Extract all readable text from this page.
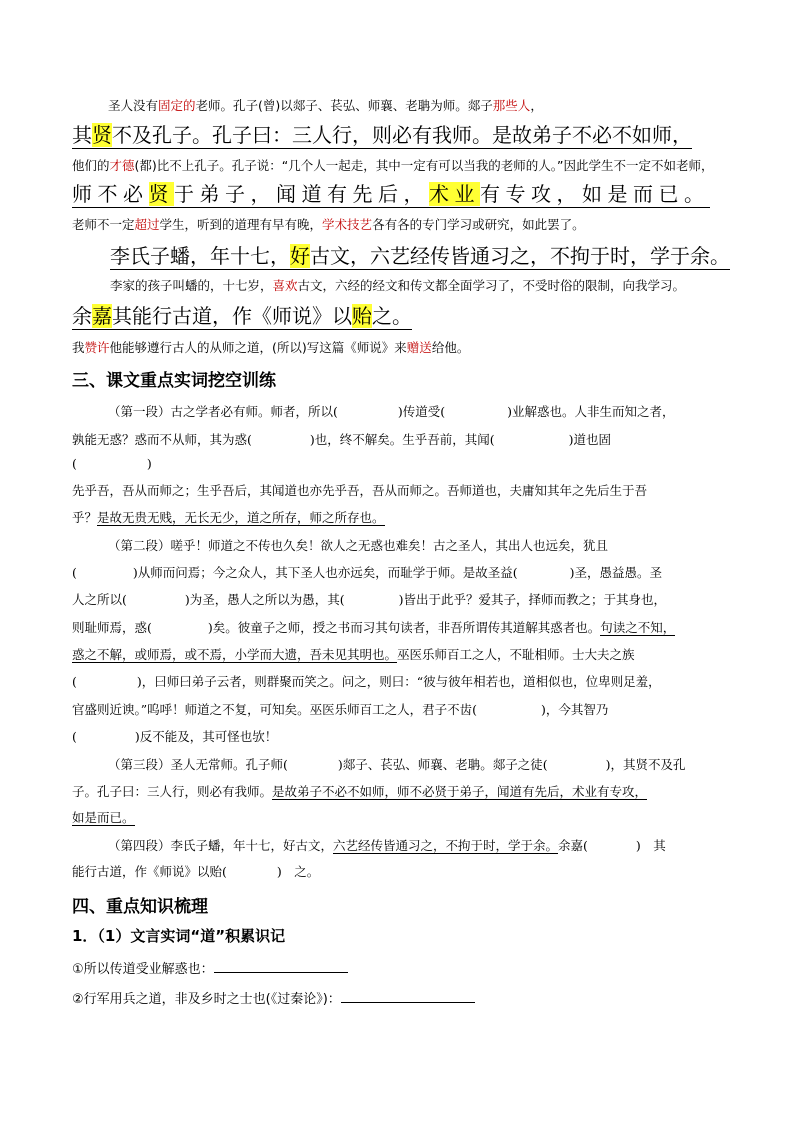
圣人没有固定的老师。孔子(曾)以郯子、苌弘、师襄、老聃为师。郯子那些人，
其贤不及孔子。孔子曰：三人行，则必有我师。是故弟子不必不如师，
他们的才德(都)比不上孔子。孔子说：“几个人一起走，其中一定有可以当我的老师的人。”因此学生不一定不如老师，
师不必贤于弟子，闻道有先后，术业有专攻，如是而已。
老师不一定超过学生，听到的道理有早有晚，学术技艺各有各的专门学习或研究，如此罢了。
李氏子蟠，年十七，好古文，六艺经传皆通习之，不拘于时，学于余。
李家的孩子叫蟠的，十七岁，喜欢古文，六经的经文和传文都全面学习了，不受时俗的限制，向我学习。
余嘉其能行古道，作《师说》以贻之。
我赞许他能够遵行古人的从师之道，(所以)写这篇《师说》来赠送给他。
三、课文重点实词挖空训练
（第一段）古之学者必有师。师者，所以(	)传道受(	)业解惑也。人非生而知之者，
孰能无惑？惑而不从师，其为惑(	)也，终不解矣。生乎吾前，其闻(	)道也固
(	)
先乎吾，吾从而师之；生乎吾后，其闻道也亦先乎吾，吾从而师之。吾师道也，夫庸知其年之先后生于吾
乎？是故无贵无贱，无长无少，道之所存，师之所存也。
（第二段）嗟乎！师道之不传也久矣！欲人之无惑也难矣！古之圣人，其出人也远矣，犹且
(	)从师而问焉；今之众人，其下圣人也亦远矣，而耻学于师。是故圣益(	)圣，愚益愚。圣
人之所以(	)为圣，愚人之所以为愚，其(	)皆出于此乎？爱其子，择师而教之；于其身也，
则耻师焉，惑(	)矣。彼童子之师，授之书而习其句读者，非吾所谓传其道解其惑者也。句读之不知，
惑之不解，或师焉，或不焉，小学而大遗，吾未见其明也。巫医乐师百工之人，不耻相师。士大夫之族
(	)，曰师曰弟子云者，则群聚而笑之。问之，则曰：“彼与彼年相若也，道相似也，位卑则足羞，
官盛则近谀。”呜呼！师道之不复，可知矣。巫医乐师百工之人，君子不齿(	)，今其智乃
(	)反不能及，其可怪也欤！
（第三段）圣人无常师。孔子师(	)郯子、苌弘、师襄、老聃。郯子之徒(	)，其贤不及孔
子。孔子曰：三人行，则必有我师。是故弟子不必不如师，师不必贤于弟子，闻道有先后，术业有专攻，
如是而已。
（第四段）李氏子蟠，年十七，好古文，六艺经传皆通习之，不拘于时，学于余。余嘉(	)　其
能行古道，作《师说》以贻(	)　之。
四、重点知识梳理
1．（1）文言实词“道”积累识记
①所以传道受业解惑也：
②行军用兵之道，非及乡时之士也(《过秦论》)：
